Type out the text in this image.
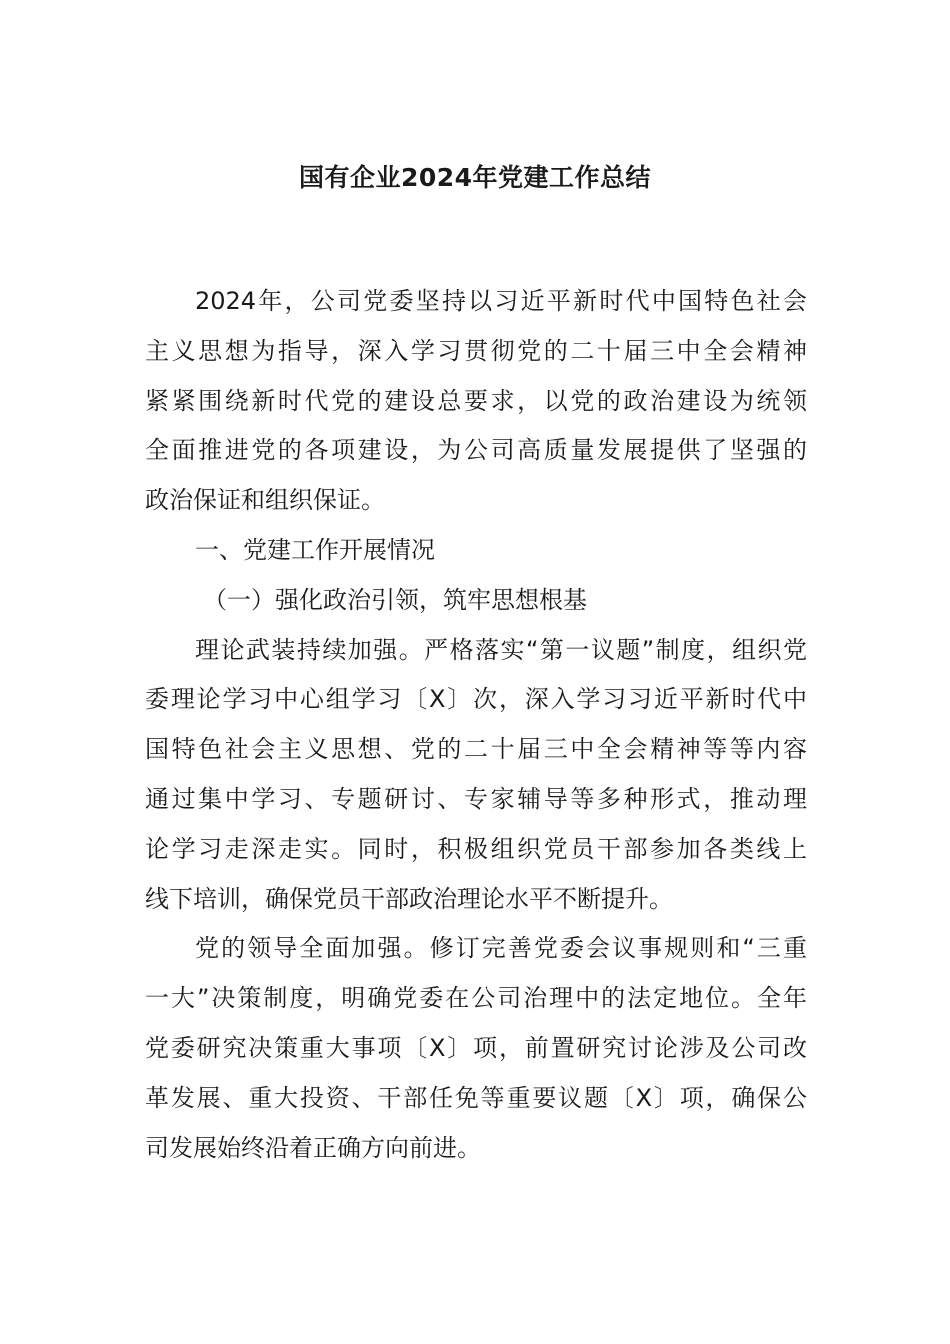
国有企业2024年党建工作总结
2024年，公司党委坚持以习近平新时代中国特色社会
主义思想为指导，深入学习贯彻党的二十届三中全会精神
紧紧围绕新时代党的建设总要求，以党的政治建设为统领
全面推进党的各项建设，为公司高质量发展提供了坚强的
政治保证和组织保证。
一、党建工作开展情况
（一）强化政治引领，筑牢思想根基
理论武装持续加强。严格落实“第一议题”制度，组织党
委理论学习中心组学习〔X〕次，深入学习习近平新时代中
国特色社会主义思想、党的二十届三中全会精神等等内容
通过集中学习、专题研讨、专家辅导等多种形式，推动理
论学习走深走实。同时，积极组织党员干部参加各类线上
线下培训，确保党员干部政治理论水平不断提升。
党的领导全面加强。修订完善党委会议事规则和“三重
一大”决策制度，明确党委在公司治理中的法定地位。全年
党委研究决策重大事项〔X〕项，前置研究讨论涉及公司改
革发展、重大投资、干部任免等重要议题〔X〕项，确保公
司发展始终沿着正确方向前进。
